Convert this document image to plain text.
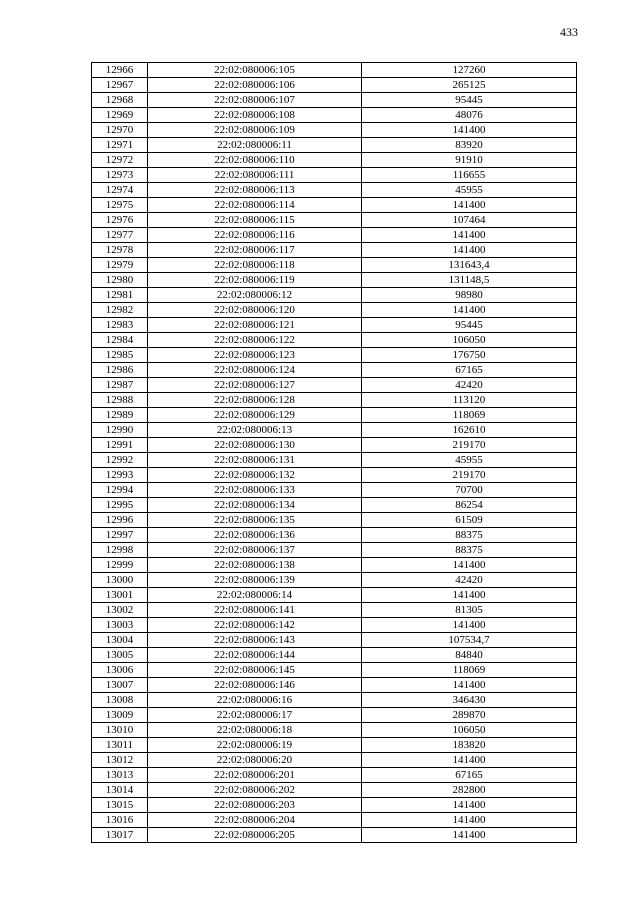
433
12966	22:02:080006:105	127260
12967	22:02:080006:106	265125
12968	22:02:080006:107	95445
12969	22:02:080006:108	48076
12970	22:02:080006:109	141400
12971	22:02:080006:11	83920
12972	22:02:080006:110	91910
12973	22:02:080006:111	116655
12974	22:02:080006:113	45955
12975	22:02:080006:114	141400
12976	22:02:080006:115	107464
12977	22:02:080006:116	141400
12978	22:02:080006:117	141400
12979	22:02:080006:118	131643,4
12980	22:02:080006:119	131148,5
12981	22:02:080006:12	98980
12982	22:02:080006:120	141400
12983	22:02:080006:121	95445
12984	22:02:080006:122	106050
12985	22:02:080006:123	176750
12986	22:02:080006:124	67165
12987	22:02:080006:127	42420
12988	22:02:080006:128	113120
12989	22:02:080006:129	118069
12990	22:02:080006:13	162610
12991	22:02:080006:130	219170
12992	22:02:080006:131	45955
12993	22:02:080006:132	219170
12994	22:02:080006:133	70700
12995	22:02:080006:134	86254
12996	22:02:080006:135	61509
12997	22:02:080006:136	88375
12998	22:02:080006:137	88375
12999	22:02:080006:138	141400
13000	22:02:080006:139	42420
13001	22:02:080006:14	141400
13002	22:02:080006:141	81305
13003	22:02:080006:142	141400
13004	22:02:080006:143	107534,7
13005	22:02:080006:144	84840
13006	22:02:080006:145	118069
13007	22:02:080006:146	141400
13008	22:02:080006:16	346430
13009	22:02:080006:17	289870
13010	22:02:080006:18	106050
13011	22:02:080006:19	183820
13012	22:02:080006:20	141400
13013	22:02:080006:201	67165
13014	22:02:080006:202	282800
13015	22:02:080006:203	141400
13016	22:02:080006:204	141400
13017	22:02:080006:205	141400
